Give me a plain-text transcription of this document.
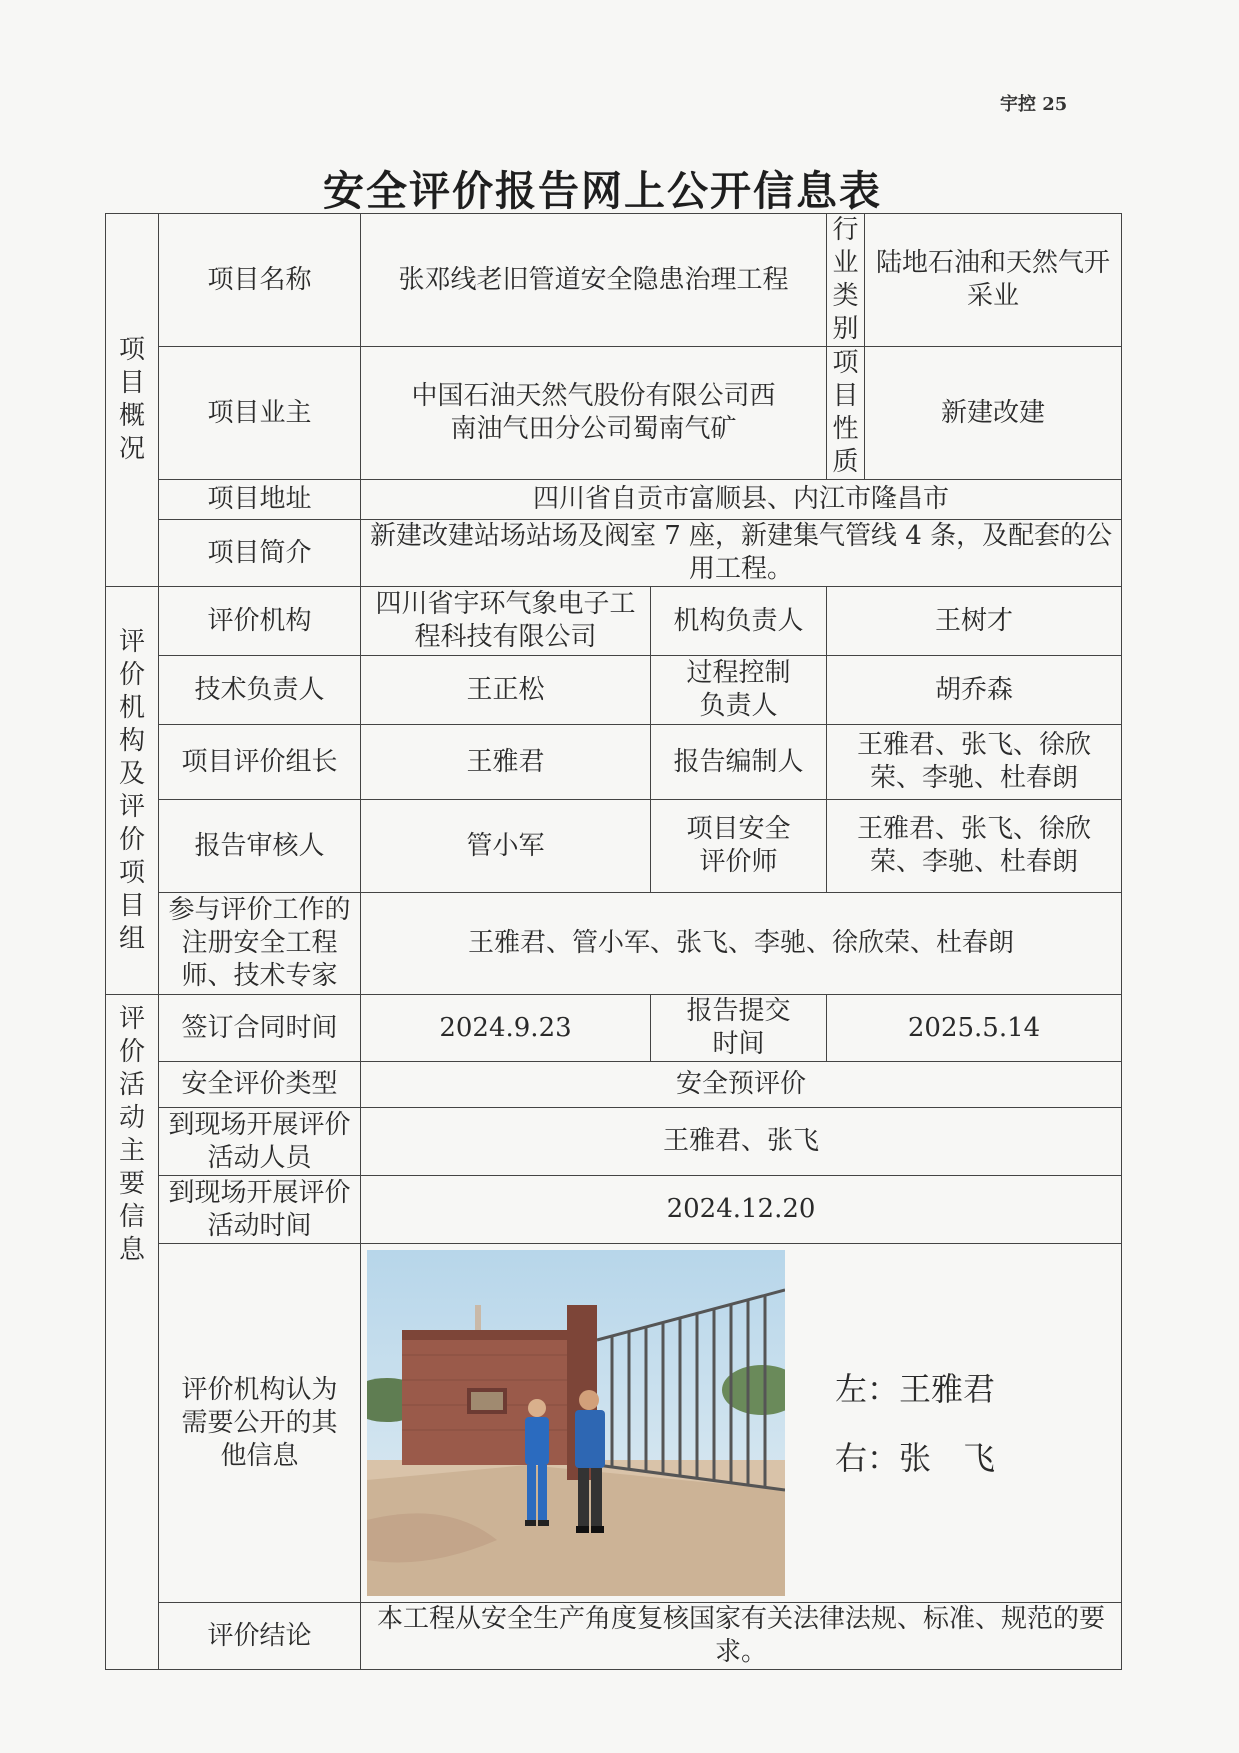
宇控 25
安全评价报告网上公开信息表
项目概况	项目名称	张邓线老旧管道安全隐患治理工程		行业类别	陆地石油和天然气开采业
	项目业主	中国石油天然气股份有限公司西南油气田分公司蜀南气矿		项目性质	新建改建
	项目地址	四川省自贡市富顺县、内江市隆昌市			
	项目简介	新建改建站场站场及阀室 7 座，新建集气管线 4 条，及配套的公用工程。			
评价机构及评价项目组	评价机构	四川省宇环气象电子工程科技有限公司	机构负责人	王树才	
	技术负责人	王正松	过程控制负责人	胡乔森	
	项目评价组长	王雅君	报告编制人	王雅君、张飞、徐欣荣、李驰、杜春朗	
	报告审核人	管小军	项目安全评价师	王雅君、张飞、徐欣荣、李驰、杜春朗	
	参与评价工作的注册安全工程师、技术专家	王雅君、管小军、张飞、李驰、徐欣荣、杜春朗			
评价活动主要信息	签订合同时间	2024.9.23	报告提交时间	2025.5.14	
	安全评价类型	安全预评价			
	到现场开展评价活动人员	王雅君、张飞			
	到现场开展评价活动时间	2024.12.20			
	评价机构认为需要公开的其他信息	左：王雅君
右：张　飞			

	评价结论	本工程从安全生产角度复核国家有关法律法规、标准、规范的要求。			
